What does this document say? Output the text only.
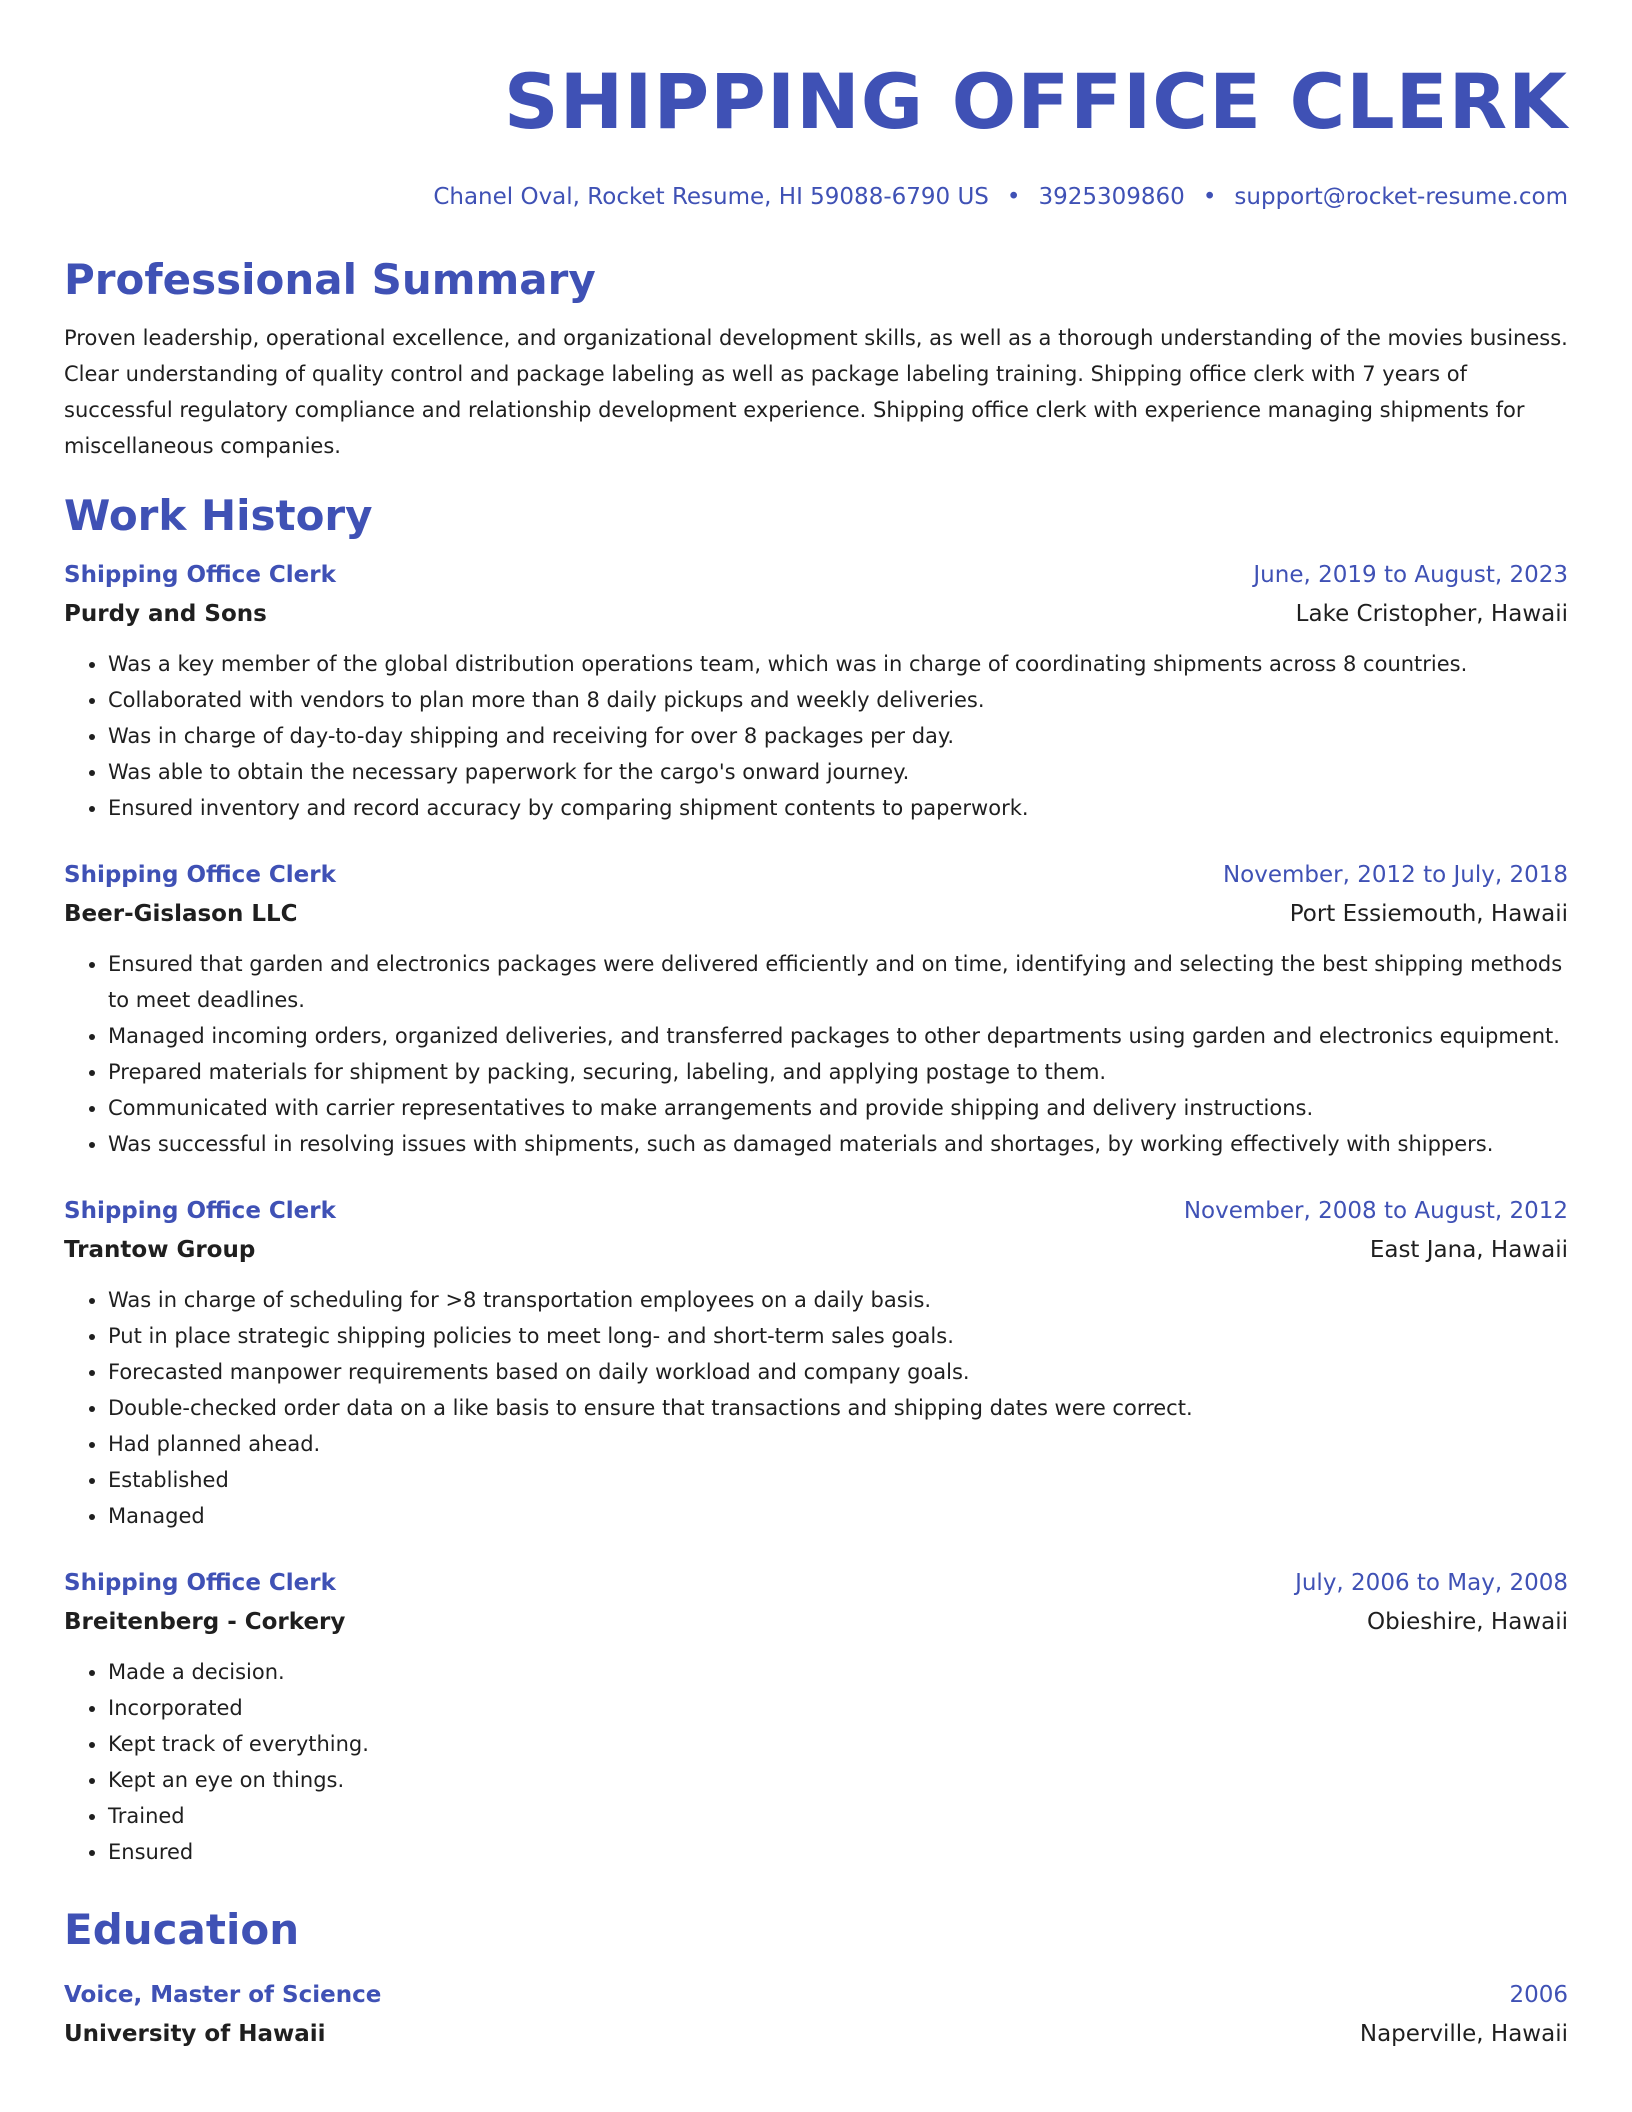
SHIPPING OFFICE CLERK
Chanel Oval, Rocket Resume, HI 59088-6790 US • 3925309860 • support@rocket-resume.com
Professional Summary
Proven leadership, operational excellence, and organizational development skills, as well as a thorough understanding of the movies business. Clear understanding of quality control and package labeling as well as package labeling training. Shipping office clerk with 7 years of successful regulatory compliance and relationship development experience. Shipping office clerk with experience managing shipments for miscellaneous companies.
Work History
Shipping Office Clerk	June, 2019 to August, 2023
Purdy and Sons	Lake Cristopher, Hawaii
• Was a key member of the global distribution operations team, which was in charge of coordinating shipments across 8 countries.
• Collaborated with vendors to plan more than 8 daily pickups and weekly deliveries.
• Was in charge of day-to-day shipping and receiving for over 8 packages per day.
• Was able to obtain the necessary paperwork for the cargo's onward journey.
• Ensured inventory and record accuracy by comparing shipment contents to paperwork.
Shipping Office Clerk	November, 2012 to July, 2018
Beer-Gislason LLC	Port Essiemouth, Hawaii
• Ensured that garden and electronics packages were delivered efficiently and on time, identifying and selecting the best shipping methods to meet deadlines.
• Managed incoming orders, organized deliveries, and transferred packages to other departments using garden and electronics equipment.
• Prepared materials for shipment by packing, securing, labeling, and applying postage to them.
• Communicated with carrier representatives to make arrangements and provide shipping and delivery instructions.
• Was successful in resolving issues with shipments, such as damaged materials and shortages, by working effectively with shippers.
Shipping Office Clerk	November, 2008 to August, 2012
Trantow Group	East Jana, Hawaii
• Was in charge of scheduling for >8 transportation employees on a daily basis.
• Put in place strategic shipping policies to meet long- and short-term sales goals.
• Forecasted manpower requirements based on daily workload and company goals.
• Double-checked order data on a like basis to ensure that transactions and shipping dates were correct.
• Had planned ahead.
• Established
• Managed
Shipping Office Clerk	July, 2006 to May, 2008
Breitenberg - Corkery	Obieshire, Hawaii
• Made a decision.
• Incorporated
• Kept track of everything.
• Kept an eye on things.
• Trained
• Ensured
Education
Voice, Master of Science	2006
University of Hawaii	Naperville, Hawaii
